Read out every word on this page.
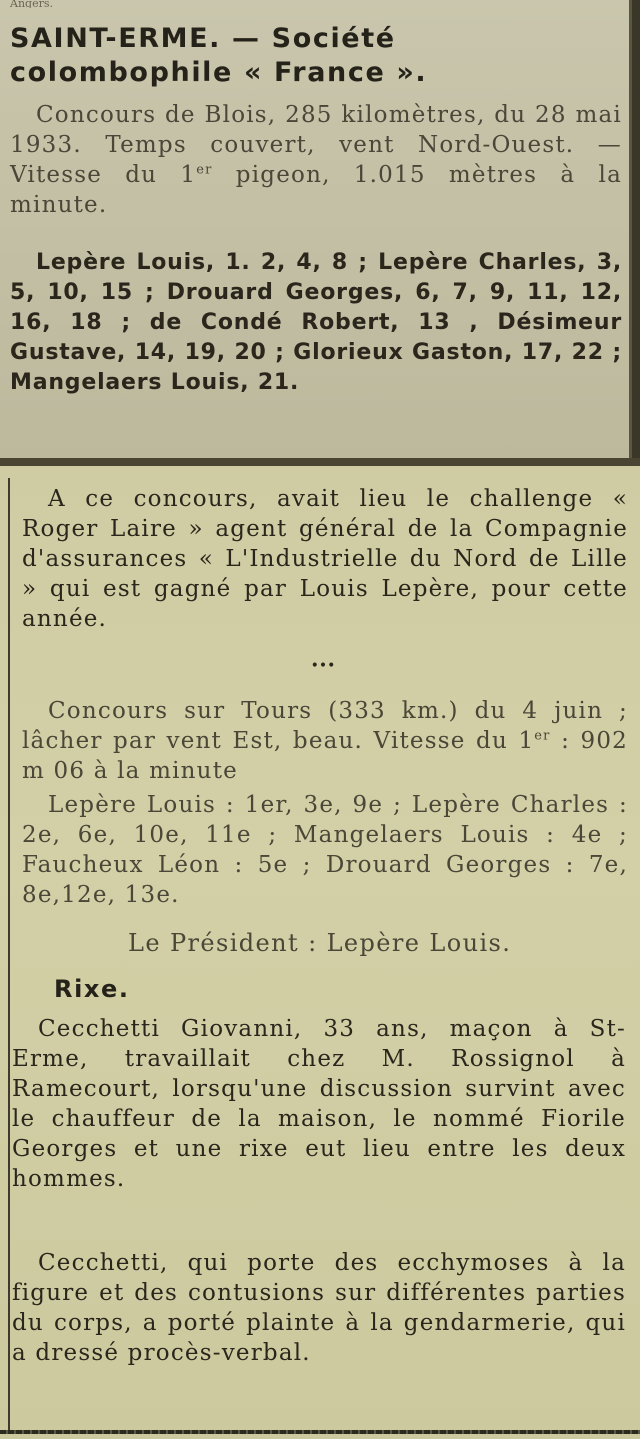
Angers.
SAINT-ERME. — Société colombophile « France ».
Concours de Blois, 285 kilomètres, du 28 mai 1933. Temps couvert, vent Nord-Ouest. — Vitesse du 1er pigeon, 1.015 mètres à la minute.
Lepère Louis, 1. 2, 4, 8 ; Lepère Charles, 3, 5, 10, 15 ; Drouard Georges, 6, 7, 9, 11, 12, 16, 18 ; de Condé Robert, 13 , Désimeur Gustave, 14, 19, 20 ; Glorieux Gaston, 17, 22 ; Mangelaers Louis, 21.
A ce concours, avait lieu le challenge « Roger Laire » agent général de la Compagnie d'assurances « L'Industrielle du Nord de Lille » qui est gagné par Louis Lepère, pour cette année.
•••
Concours sur Tours (333 km.) du 4 juin ; lâcher par vent Est, beau. Vitesse du 1er : 902 m 06 à la minute
Lepère Louis : 1er, 3e, 9e ; Lepère Charles : 2e, 6e, 10e, 11e ; Mangelaers Louis : 4e ; Faucheux Léon : 5e ; Drouard Georges : 7e, 8e,12e, 13e.
Le Président : Lepère Louis.
Rixe.
Cecchetti Giovanni, 33 ans, maçon à St-Erme, travaillait chez M. Rossignol à Ramecourt, lorsqu'une discussion survint avec le chauffeur de la maison, le nommé Fiorile Georges et une rixe eut lieu entre les deux hommes.
Cecchetti, qui porte des ecchymoses à la figure et des contusions sur différentes parties du corps, a porté plainte à la gendarmerie, qui a dressé procès-verbal.
